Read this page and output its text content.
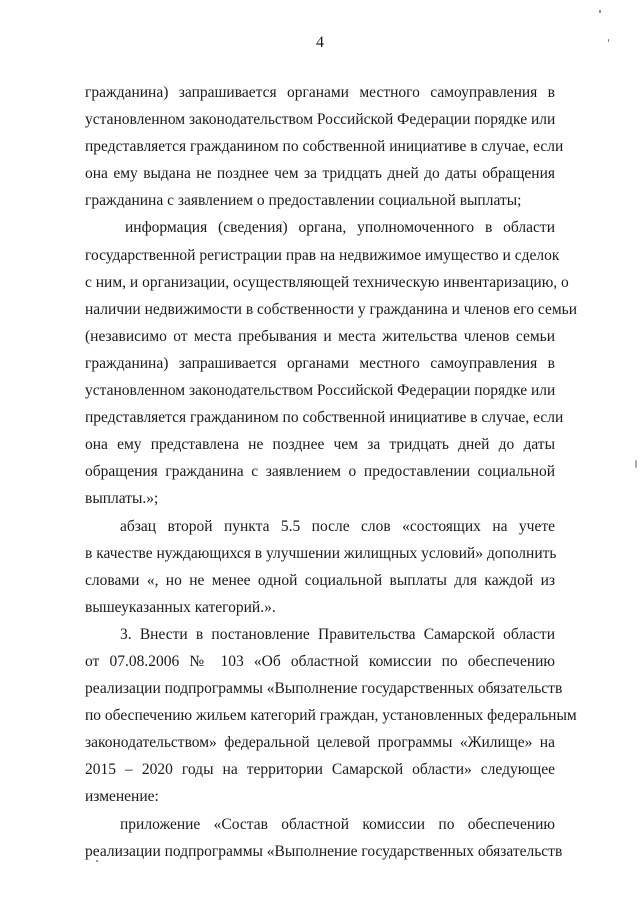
4
гражданина) запрашивается органами местного самоуправления в
установленном законодательством Российской Федерации порядке или
представляется гражданином по собственной инициативе в случае, если
она ему выдана не позднее чем за тридцать дней до даты обращения
гражданина с заявлением о предоставлении социальной выплаты;
информация (сведения) органа, уполномоченного в области
государственной регистрации прав на недвижимое имущество и сделок
с ним, и организации, осуществляющей техническую инвентаризацию, о
наличии недвижимости в собственности у гражданина и членов его семьи
(независимо от места пребывания и места жительства членов семьи
гражданина) запрашивается органами местного самоуправления в
установленном законодательством Российской Федерации порядке или
представляется гражданином по собственной инициативе в случае, если
она ему представлена не позднее чем за тридцать дней до даты
обращения гражданина с заявлением о предоставлении социальной
выплаты.»;
абзац второй пункта 5.5 после слов «состоящих на учете
в качестве нуждающихся в улучшении жилищных условий» дополнить
словами «, но не менее одной социальной выплаты для каждой из
вышеуказанных категорий.».
3. Внести в постановление Правительства Самарской области
от 07.08.2006 № 103 «Об областной комиссии по обеспечению
реализации подпрограммы «Выполнение государственных обязательств
по обеспечению жильем категорий граждан, установленных федеральным
законодательством» федеральной целевой программы «Жилище» на
2015 – 2020 годы на территории Самарской области» следующее
изменение:
приложение «Состав областной комиссии по обеспечению
реализации подпрограммы «Выполнение государственных обязательств
